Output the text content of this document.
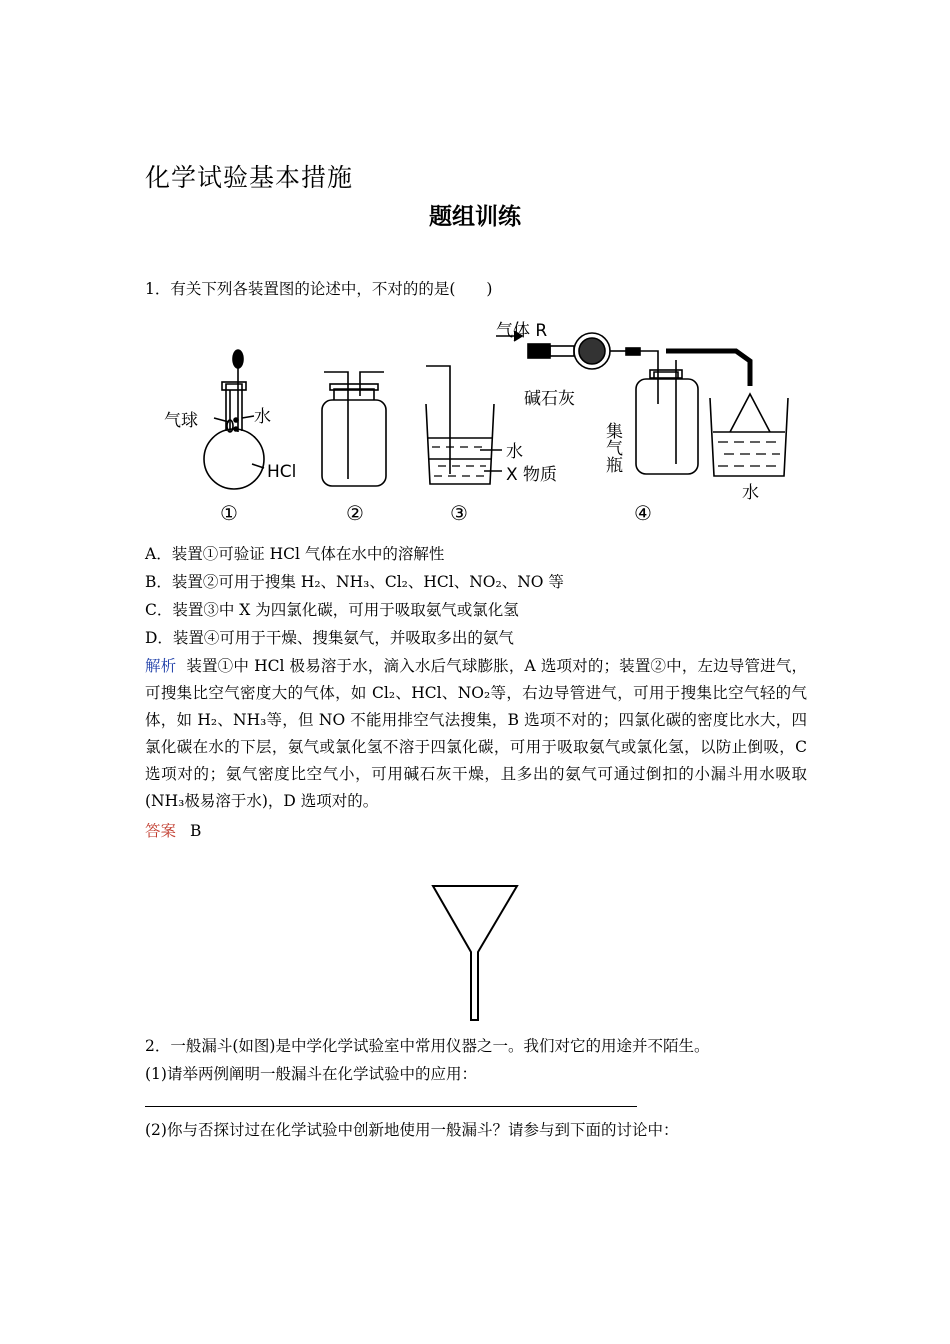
化学试验基本措施
题组训练
1．有关下列各装置图的论述中，不对的的是(　　)
气球	水
HCl
水
X 物质
气体 R
碱石灰
集气瓶
水
①	②	③	④
A．装置①可验证 HCl 气体在水中的溶解性
B．装置②可用于搜集 H₂、NH₃、Cl₂、HCl、NO₂、NO 等
C．装置③中 X 为四氯化碳，可用于吸取氨气或氯化氢
D．装置④可用于干燥、搜集氨气，并吸取多出的氨气
解析 装置①中 HCl 极易溶于水，滴入水后气球膨胀，A 选项对的；装置②中，左边导管进气，可搜集比空气密度大的气体，如 Cl₂、HCl、NO₂等，右边导管进气，可用于搜集比空气轻的气体，如 H₂、NH₃等，但 NO 不能用排空气法搜集，B 选项不对的；四氯化碳的密度比水大，四氯化碳在水的下层，氨气或氯化氢不溶于四氯化碳，可用于吸取氨气或氯化氢，以防止倒吸，C 选项对的；氨气密度比空气小，可用碱石灰干燥，且多出的氨气可通过倒扣的小漏斗用水吸取(NH₃极易溶于水)，D 选项对的。
答案 B
2．一般漏斗(如图)是中学化学试验室中常用仪器之一。我们对它的用途并不陌生。
(1)请举两例阐明一般漏斗在化学试验中的应用：
(2)你与否探讨过在化学试验中创新地使用一般漏斗？请参与到下面的讨论中：
